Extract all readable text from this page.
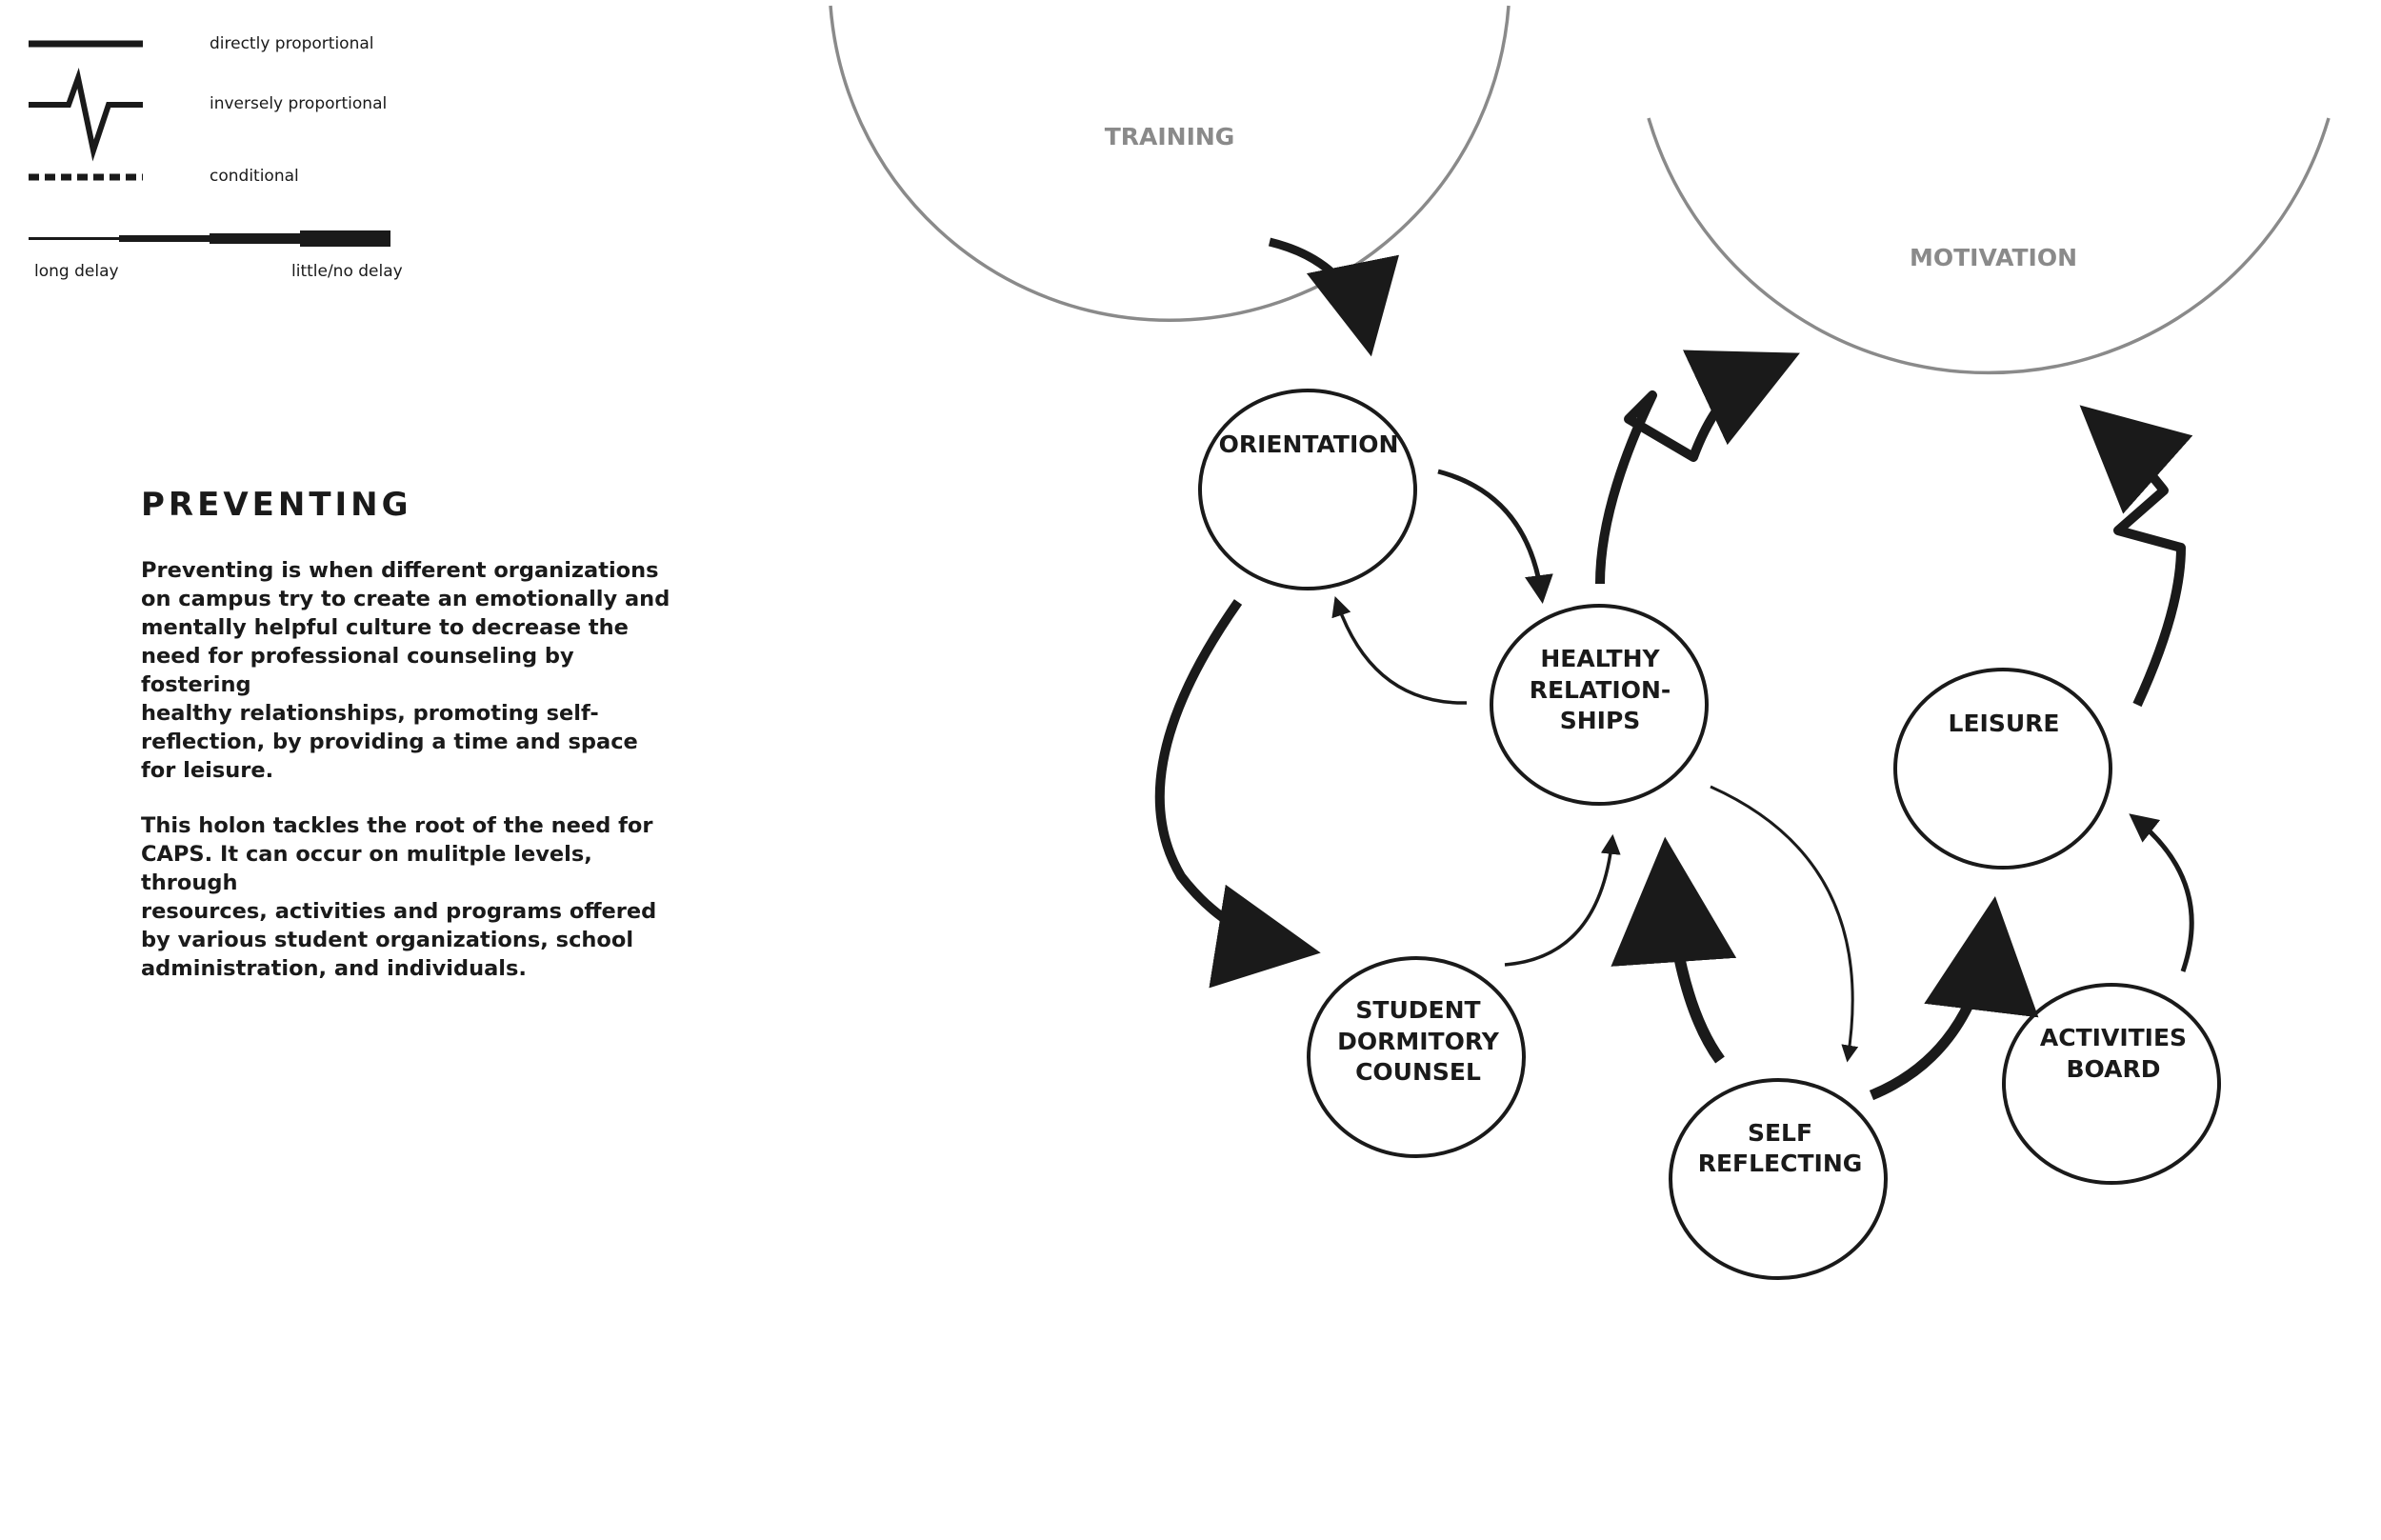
directly proportional
inversely proportional
conditional
long delay	little/no delay
TRAINING
MOTIVATION
ORIENTATION
HEALTHY
RELATION-
SHIPS	LEISURE
STUDENT
DORMITORY
COUNSEL
SELF
REFLECTING
ACTIVITIES
BOARD
PREVENTING

Preventing is when different organizations
on campus try to create an emotionally and
mentally helpful culture to decrease the
need for professional counseling by fostering
healthy relationships, promoting self-
reflection, by providing a time and space
for leisure.

This holon tackles the root of the need for
CAPS. It can occur on mulitple levels, through
resources, activities and programs offered
by various student organizations, school
administration, and individuals.
